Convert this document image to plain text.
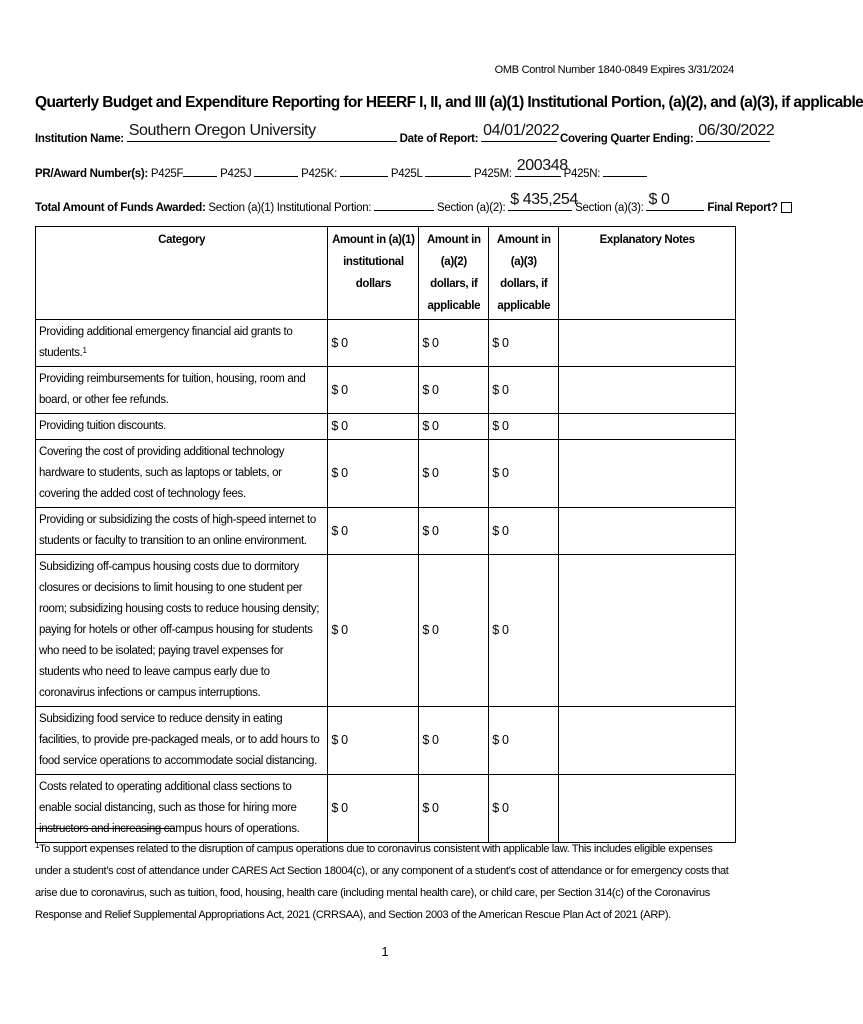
OMB Control Number 1840-0849 Expires 3/31/2024
Quarterly Budget and Expenditure Reporting for HEERF I, II, and III (a)(1) Institutional Portion, (a)(2), and (a)(3), if applicable
Institution Name: Southern Oregon University	Date of Report: 04/01/2022 Covering Quarter Ending: 06/30/2022
PR/Award Number(s): P425F	P425J	P425K:	P425L	P425M: 200348
P425N:
Total Amount of Funds Awarded: Section (a)(1) Institutional Portion:	Section (a)(2): $ 435,254
Section (a)(3): $ 0	Final Report?
Category	Amount in (a)(1) institutional dollars	Amount in (a)(2) dollars, if applicable	Amount in (a)(3) dollars, if applicable	Explanatory Notes
Providing additional emergency financial aid grants to students.$^1$	$ 0	$ 0	$ 0	
Providing reimbursements for tuition, housing, room and board, or other fee refunds.	$ 0	$ 0	$ 0	
Providing tuition discounts.	$ 0	$ 0	$ 0	
Covering the cost of providing additional technology hardware to students, such as laptops or tablets, or covering the added cost of technology fees.	$ 0	$ 0	$ 0	
Providing or subsidizing the costs of high-speed internet to students or faculty to transition to an online environment.	$ 0	$ 0	$ 0	
Subsidizing off-campus housing costs due to dormitory closures or decisions to limit housing to one student per room; subsidizing housing costs to reduce housing density; paying for hotels or other off-campus housing for students who need to be isolated; paying travel expenses for students who need to leave campus early due to coronavirus infections or campus interruptions.	$ 0	$ 0	$ 0	
Subsidizing food service to reduce density in eating facilities, to provide pre-packaged meals, or to add hours to food service operations to accommodate social distancing.	$ 0	$ 0	$ 0	
Costs related to operating additional class sections to enable social distancing, such as those for hiring more instructors and increasing campus hours of operations.	$ 0	$ 0	$ 0	
$^1$To support expenses related to the disruption of campus operations due to coronavirus consistent with applicable law. This includes eligible expenses under a student’s cost of attendance under CARES Act Section 18004(c), or any component of a student’s cost of attendance or for emergency costs that arise due to coronavirus, such as tuition, food, housing, health care (including mental health care), or child care, per Section 314(c) of the Coronavirus Response and Relief Supplemental Appropriations Act, 2021 (CRRSAA), and Section 2003 of the American Rescue Plan Act of 2021 (ARP).
1
